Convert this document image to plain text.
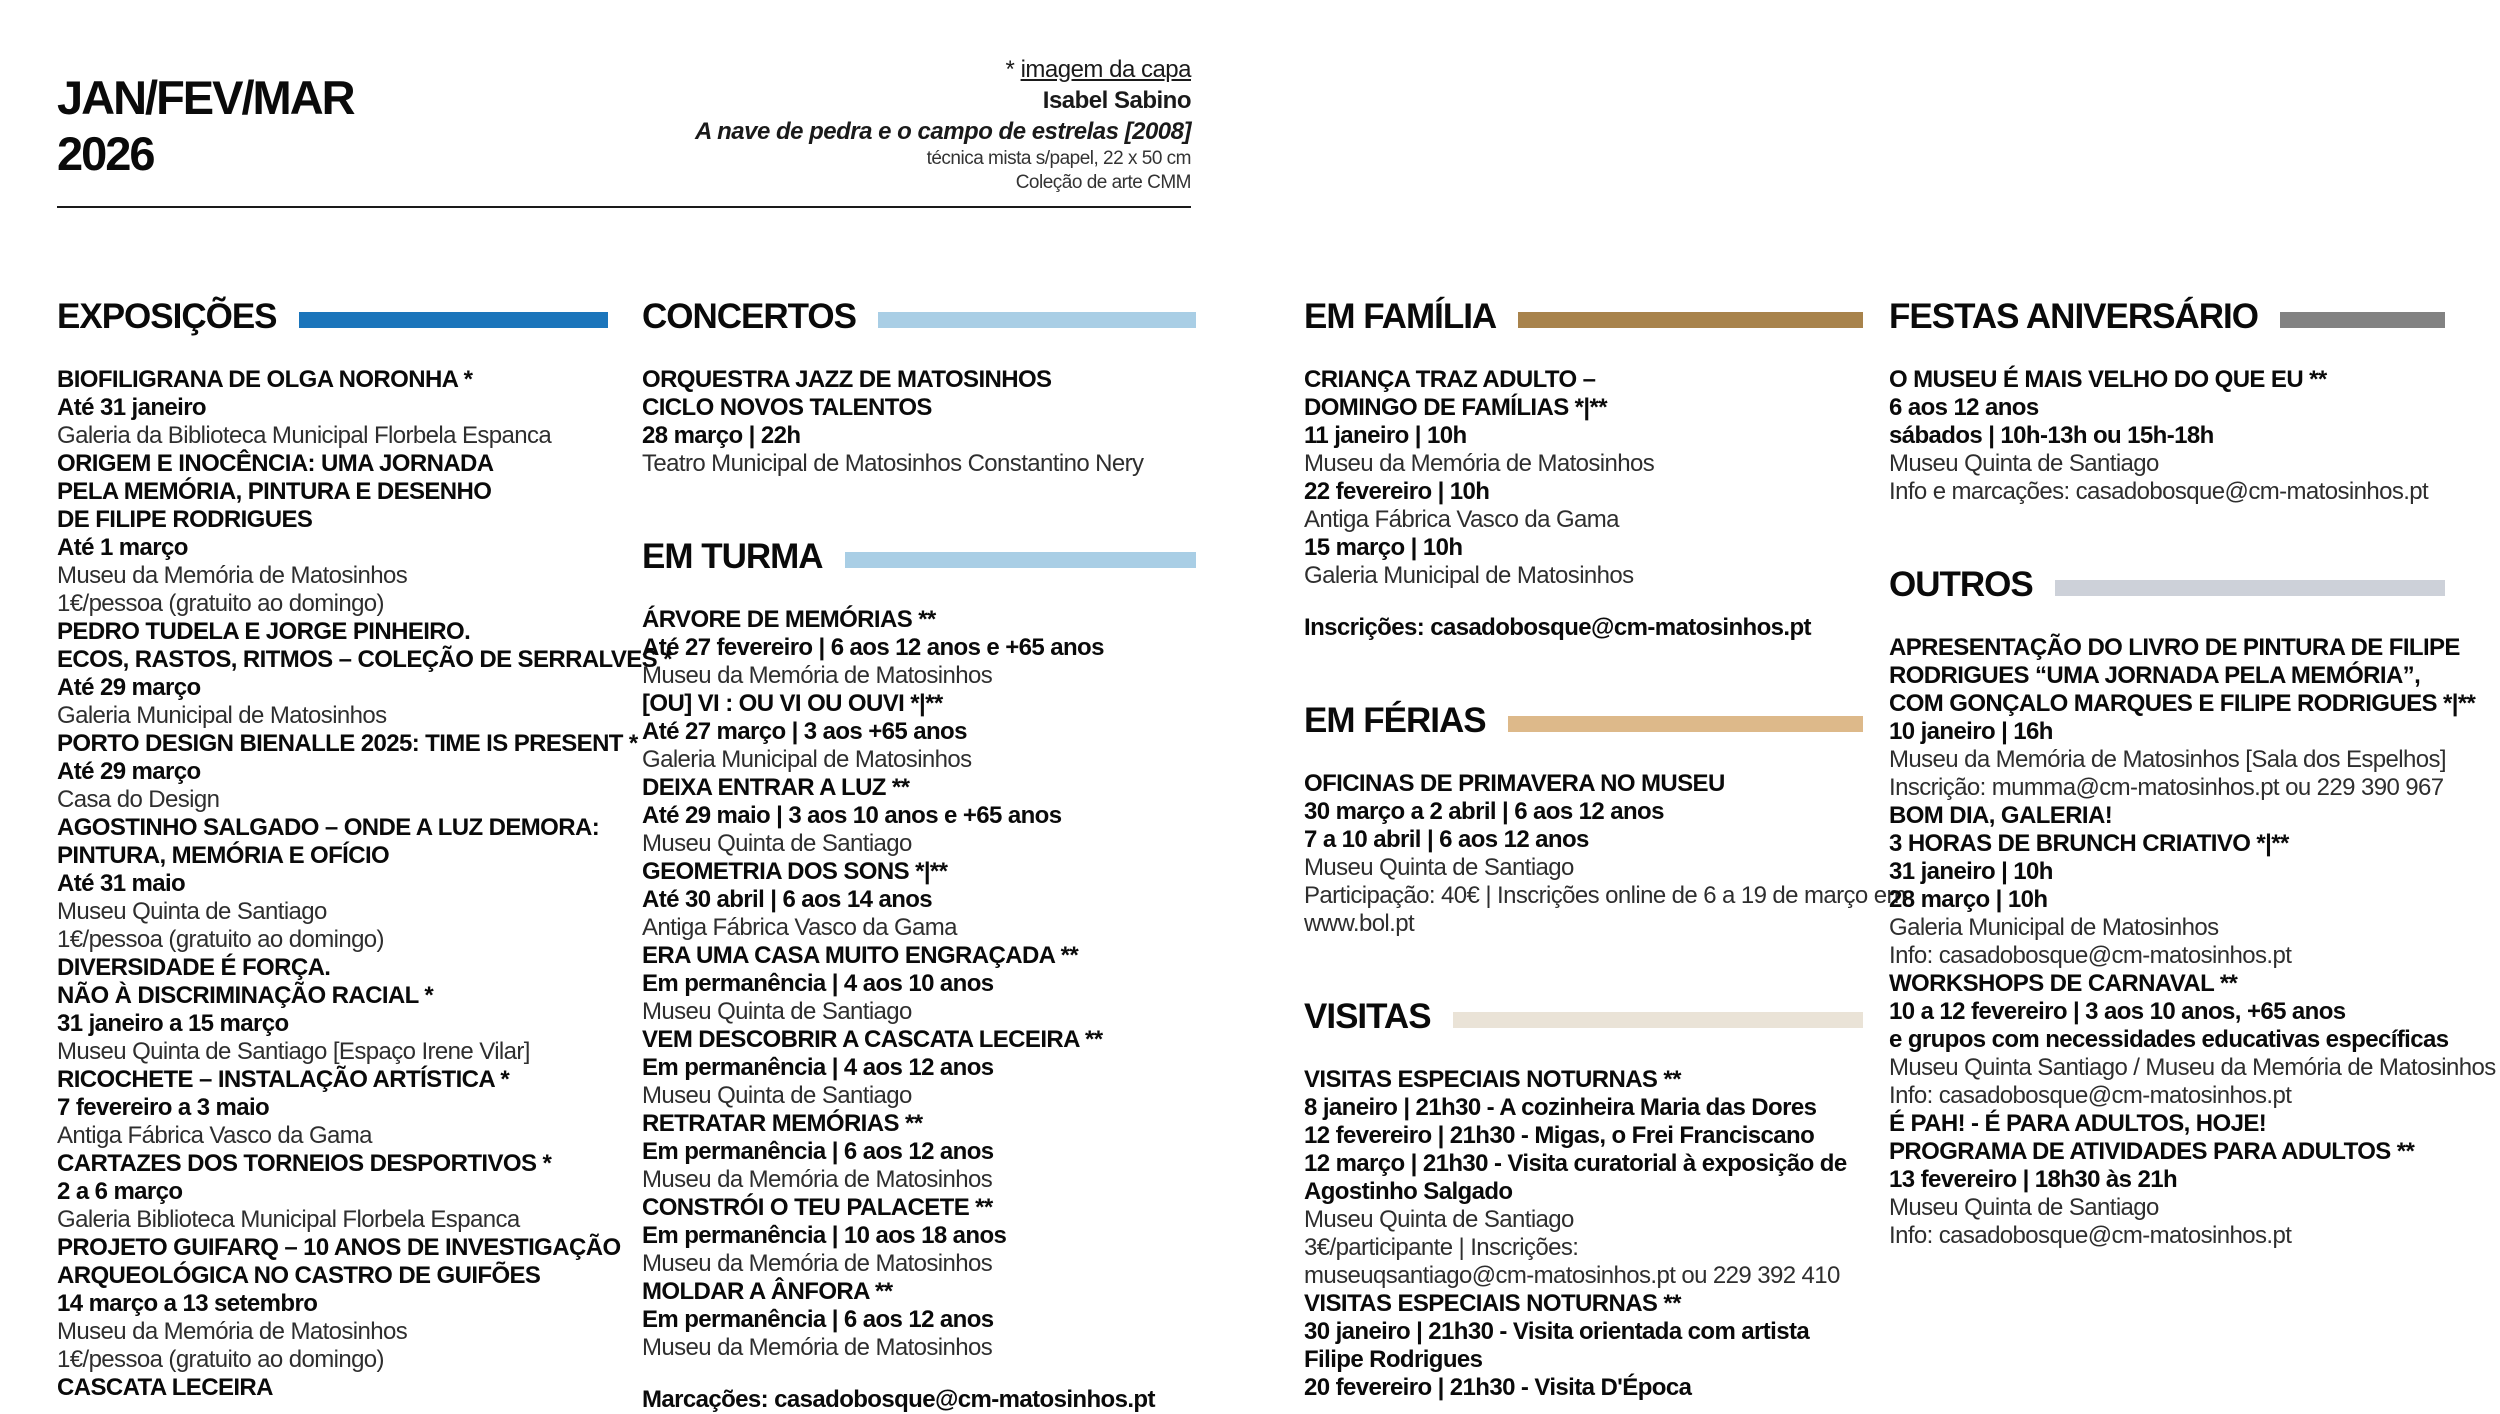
JAN/FEV/MAR
2026
* imagem da capa
Isabel Sabino
A nave de pedra e o campo de estrelas [2008]
técnica mista s/papel, 22 x 50 cm
Coleção de arte CMM
EXPOSIÇÕES
BIOFILIGRANA DE OLGA NORONHA *
Até 31 janeiro
Galeria da Biblioteca Municipal Florbela Espanca
ORIGEM E INOCÊNCIA: UMA JORNADA
PELA MEMÓRIA, PINTURA E DESENHO
DE FILIPE RODRIGUES
Até 1 março
Museu da Memória de Matosinhos
1€/pessoa (gratuito ao domingo)
PEDRO TUDELA E JORGE PINHEIRO.
ECOS, RASTOS, RITMOS – COLEÇÃO DE SERRALVES *
Até 29 março
Galeria Municipal de Matosinhos
PORTO DESIGN BIENALLE 2025: TIME IS PRESENT *
Até 29 março
Casa do Design
AGOSTINHO SALGADO – ONDE A LUZ DEMORA:
PINTURA, MEMÓRIA E OFÍCIO
Até 31 maio
Museu Quinta de Santiago
1€/pessoa (gratuito ao domingo)
DIVERSIDADE É FORÇA.
NÃO À DISCRIMINAÇÃO RACIAL *
31 janeiro a 15 março
Museu Quinta de Santiago [Espaço Irene Vilar]
RICOCHETE – INSTALAÇÃO ARTÍSTICA *
7 fevereiro a 3 maio
Antiga Fábrica Vasco da Gama
CARTAZES DOS TORNEIOS DESPORTIVOS *
2 a 6 março
Galeria Biblioteca Municipal Florbela Espanca
PROJETO GUIFARQ – 10 ANOS DE INVESTIGAÇÃO
ARQUEOLÓGICA NO CASTRO DE GUIFÕES
14 março a 13 setembro
Museu da Memória de Matosinhos
1€/pessoa (gratuito ao domingo)
CASCATA LECEIRA
CONCERTOS
ORQUESTRA JAZZ DE MATOSINHOS
CICLO NOVOS TALENTOS
28 março | 22h
Teatro Municipal de Matosinhos Constantino Nery
EM TURMA
ÁRVORE DE MEMÓRIAS **
Até 27 fevereiro | 6 aos 12 anos e +65 anos
Museu da Memória de Matosinhos
[OU] VI : OU VI OU OUVI *|**
Até 27 março | 3 aos +65 anos
Galeria Municipal de Matosinhos
DEIXA ENTRAR A LUZ **
Até 29 maio | 3 aos 10 anos e +65 anos
Museu Quinta de Santiago
GEOMETRIA DOS SONS *|**
Até 30 abril | 6 aos 14 anos
Antiga Fábrica Vasco da Gama
ERA UMA CASA MUITO ENGRAÇADA **
Em permanência | 4 aos 10 anos
Museu Quinta de Santiago
VEM DESCOBRIR A CASCATA LECEIRA **
Em permanência | 4 aos 12 anos
Museu Quinta de Santiago
RETRATAR MEMÓRIAS **
Em permanência | 6 aos 12 anos
Museu da Memória de Matosinhos
CONSTRÓI O TEU PALACETE **
Em permanência | 10 aos 18 anos
Museu da Memória de Matosinhos
MOLDAR A ÂNFORA **
Em permanência | 6 aos 12 anos
Museu da Memória de Matosinhos
Marcações: casadobosque@cm-matosinhos.pt
EM FAMÍLIA
CRIANÇA TRAZ ADULTO –
DOMINGO DE FAMÍLIAS *|**
11 janeiro | 10h
Museu da Memória de Matosinhos
22 fevereiro | 10h
Antiga Fábrica Vasco da Gama
15 março | 10h
Galeria Municipal de Matosinhos
Inscrições: casadobosque@cm-matosinhos.pt
EM FÉRIAS
OFICINAS DE PRIMAVERA NO MUSEU
30 março a 2 abril | 6 aos 12 anos
7 a 10 abril | 6 aos 12 anos
Museu Quinta de Santiago
Participação: 40€ | Inscrições online de 6 a 19 de março em
www.bol.pt
VISITAS
VISITAS ESPECIAIS NOTURNAS **
8 janeiro | 21h30 - A cozinheira Maria das Dores
12 fevereiro | 21h30 - Migas, o Frei Franciscano
12 março | 21h30 - Visita curatorial à exposição de
Agostinho Salgado
Museu Quinta de Santiago
3€/participante | Inscrições:
museuqsantiago@cm-matosinhos.pt ou 229 392 410
VISITAS ESPECIAIS NOTURNAS **
30 janeiro | 21h30 - Visita orientada com artista
Filipe Rodrigues
20 fevereiro | 21h30 - Visita D'Época
FESTAS ANIVERSÁRIO
O MUSEU É MAIS VELHO DO QUE EU **
6 aos 12 anos
sábados | 10h-13h ou 15h-18h
Museu Quinta de Santiago
Info e marcações: casadobosque@cm-matosinhos.pt
OUTROS
APRESENTAÇÃO DO LIVRO DE PINTURA DE FILIPE
RODRIGUES “UMA JORNADA PELA MEMÓRIA”,
COM GONÇALO MARQUES E FILIPE RODRIGUES *|**
10 janeiro | 16h
Museu da Memória de Matosinhos [Sala dos Espelhos]
Inscrição: mumma@cm-matosinhos.pt ou 229 390 967
BOM DIA, GALERIA!
3 HORAS DE BRUNCH CRIATIVO *|**
31 janeiro | 10h
28 março | 10h
Galeria Municipal de Matosinhos
Info: casadobosque@cm-matosinhos.pt
WORKSHOPS DE CARNAVAL **
10 a 12 fevereiro | 3 aos 10 anos, +65 anos
e grupos com necessidades educativas específicas
Museu Quinta Santiago / Museu da Memória de Matosinhos
Info: casadobosque@cm-matosinhos.pt
É PAH! - É PARA ADULTOS, HOJE!
PROGRAMA DE ATIVIDADES PARA ADULTOS **
13 fevereiro | 18h30 às 21h
Museu Quinta de Santiago
Info: casadobosque@cm-matosinhos.pt
